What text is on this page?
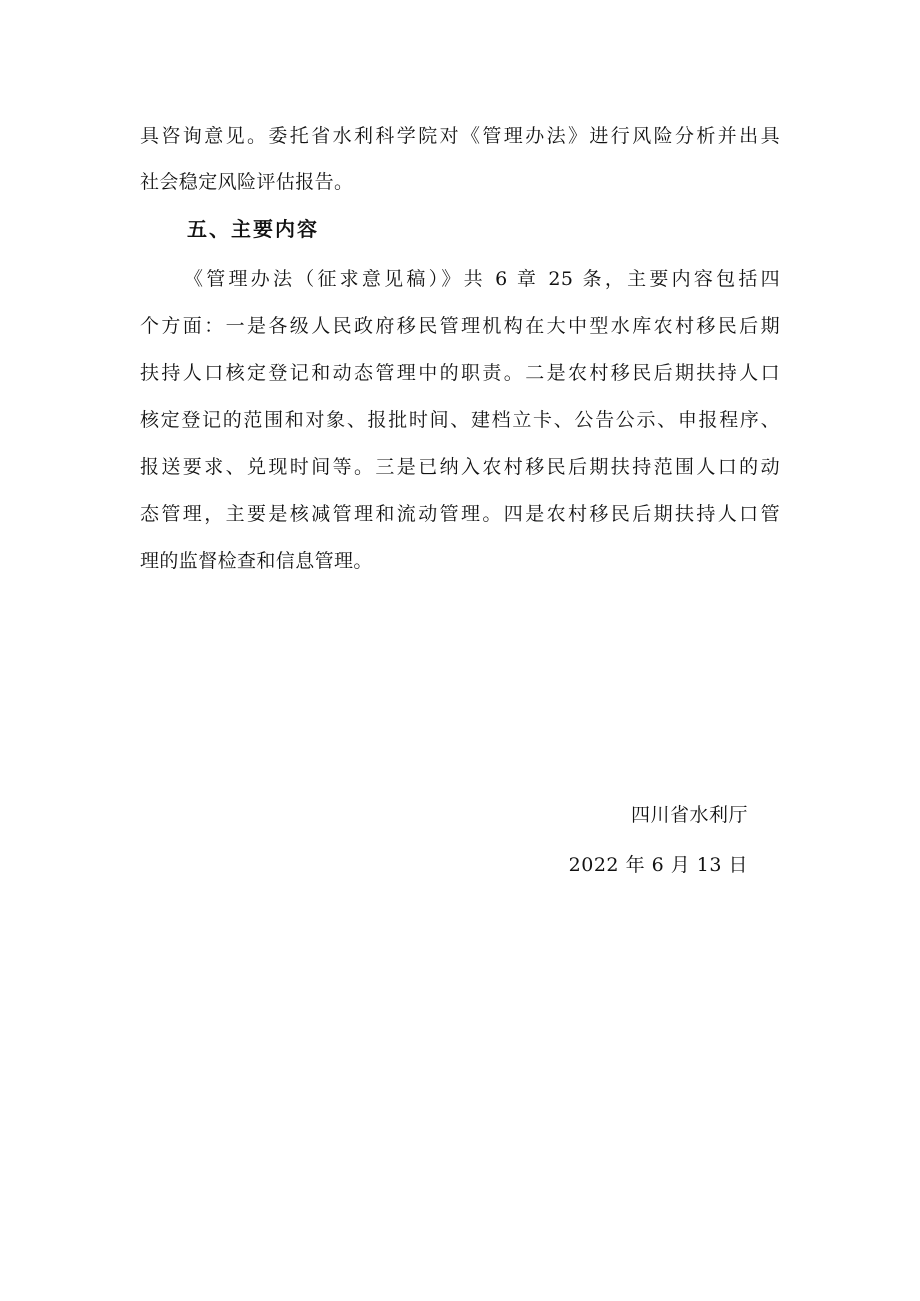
具咨询意见。委托省水利科学院对《管理办法》进行风险分析并出具
社会稳定风险评估报告。
五、主要内容
《管理办法（征求意见稿）》共 6 章 25 条，主要内容包括四
个方面：一是各级人民政府移民管理机构在大中型水库农村移民后期
扶持人口核定登记和动态管理中的职责。二是农村移民后期扶持人口
核定登记的范围和对象、报批时间、建档立卡、公告公示、申报程序、
报送要求、兑现时间等。三是已纳入农村移民后期扶持范围人口的动
态管理，主要是核减管理和流动管理。四是农村移民后期扶持人口管
理的监督检查和信息管理。
四川省水利厅
2022 年 6 月 13 日
